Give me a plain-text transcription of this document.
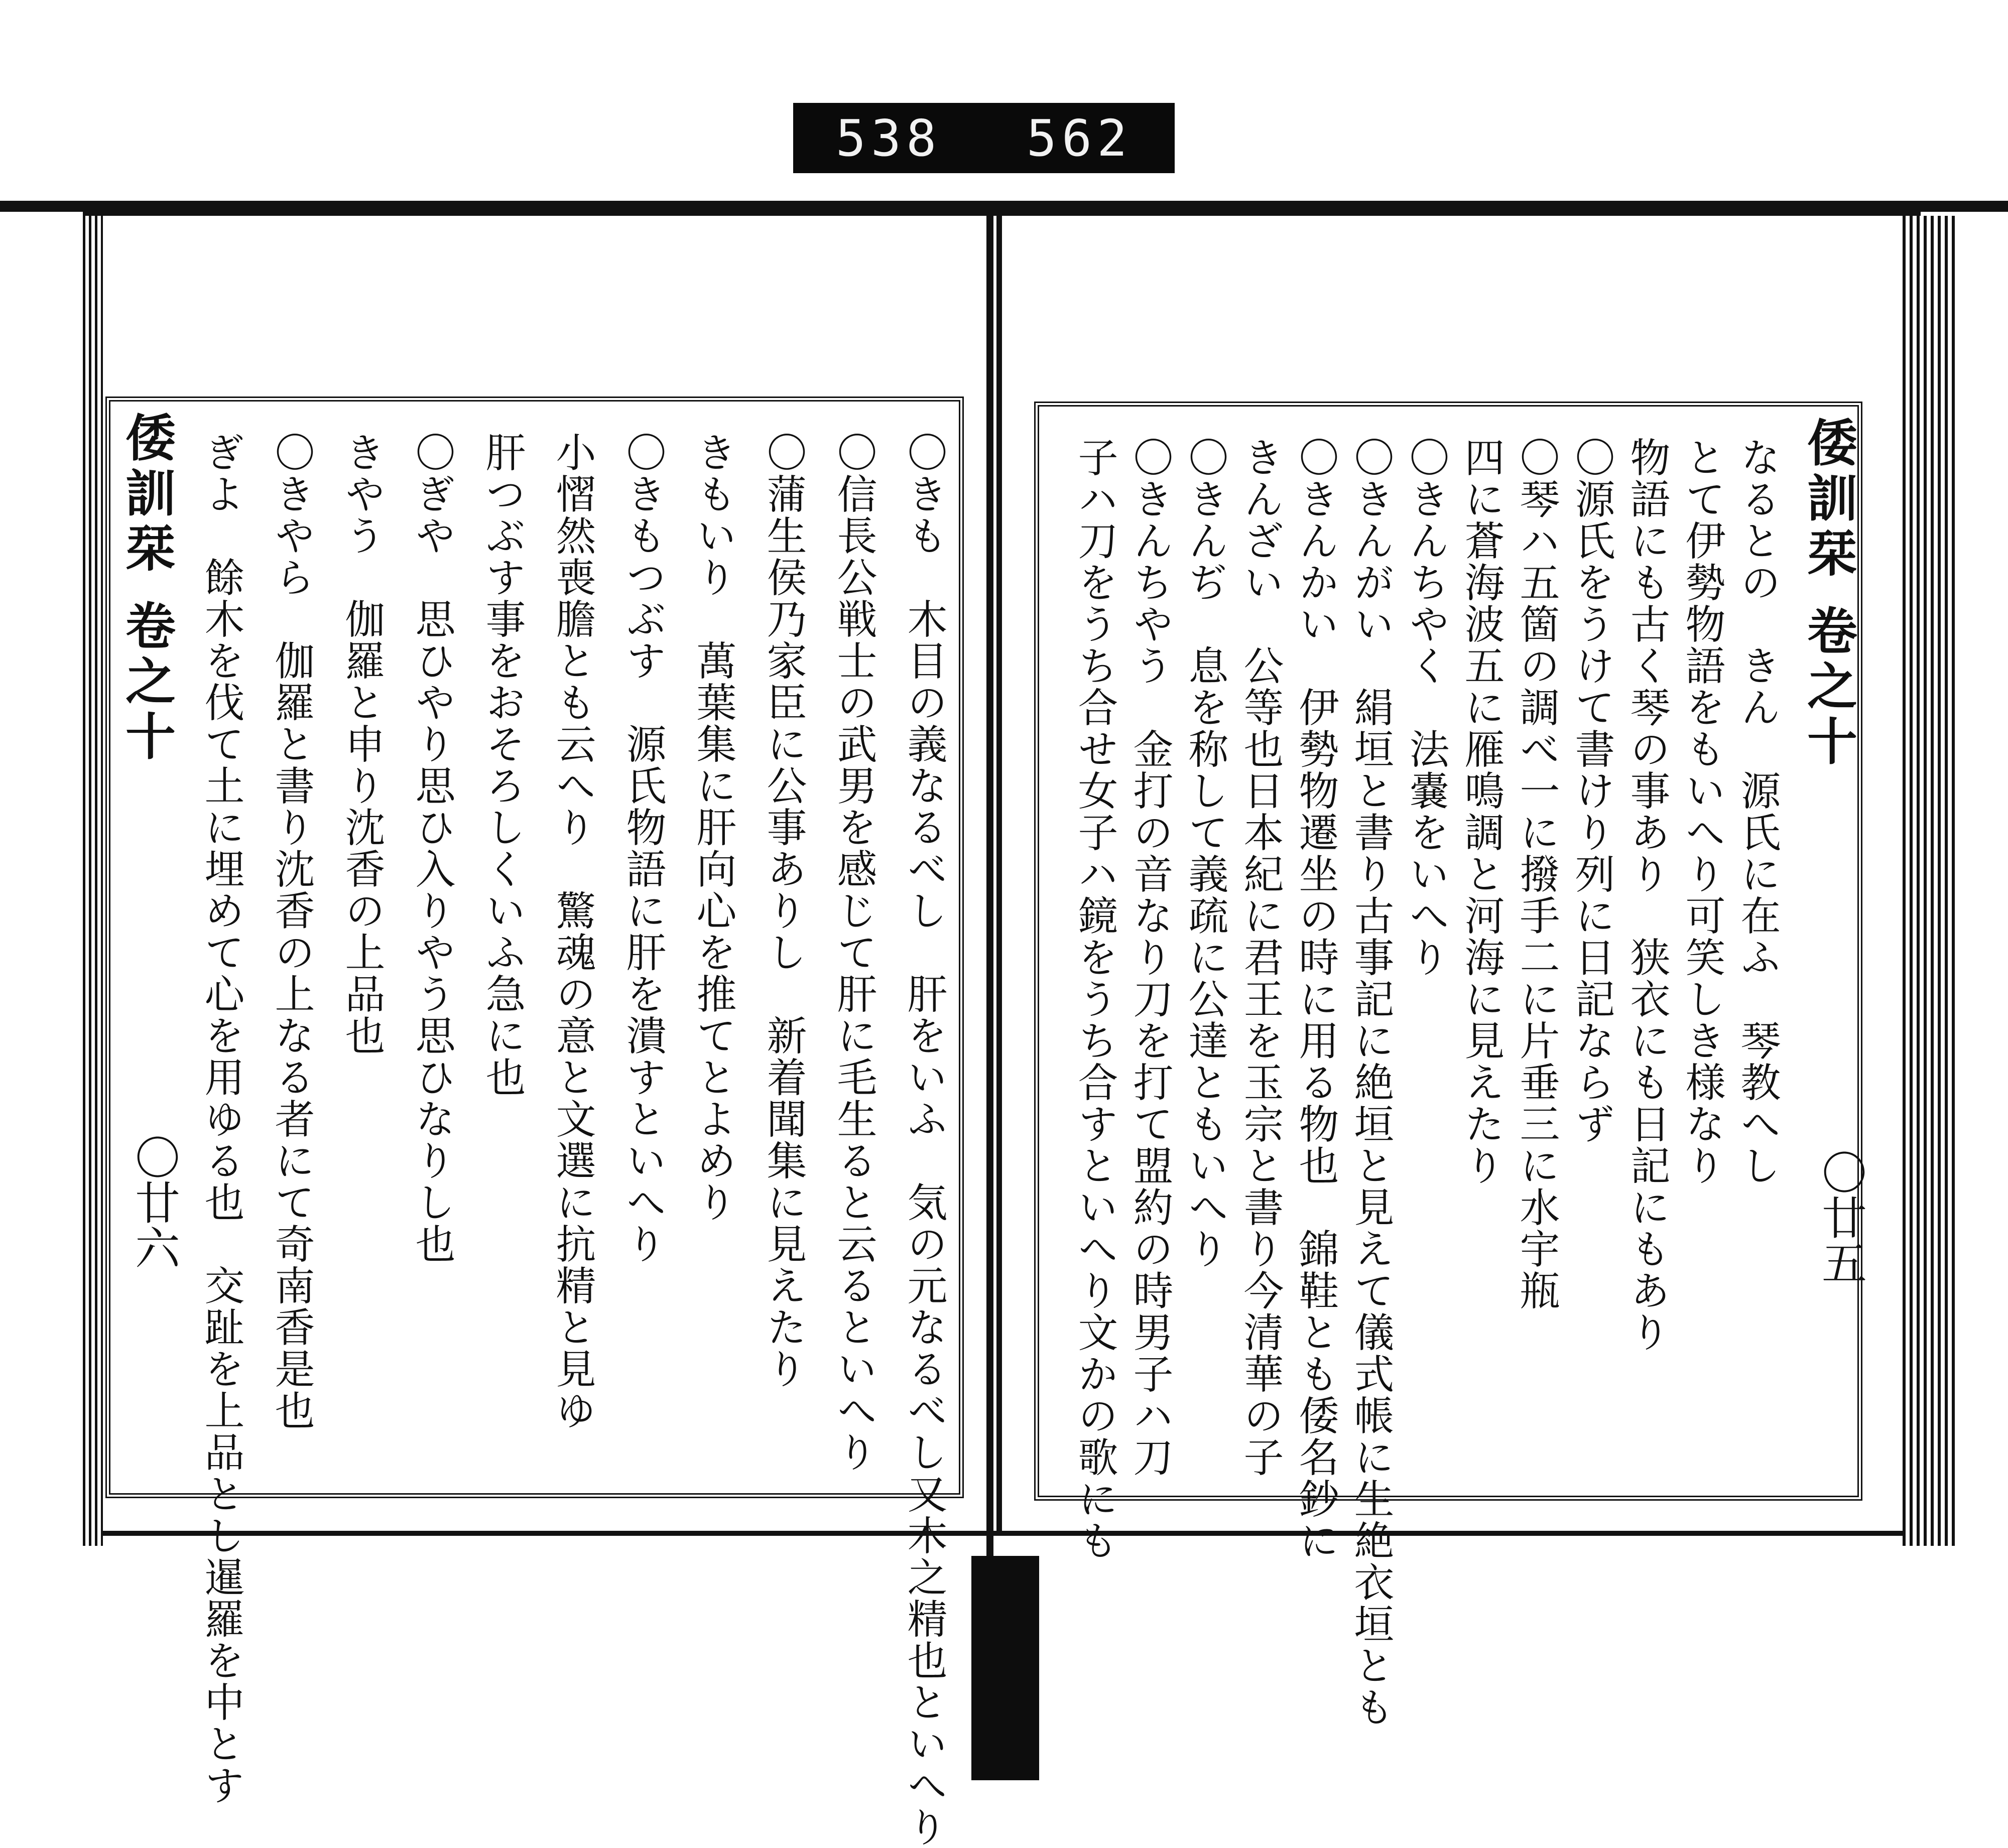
538 562
倭訓栞 卷之十
〇廿六	〇きも　木目の義なるべし　肝をいふ　気の元なるべし又木之精也といへり
〇信長公戦士の武男を感じて肝に毛生ると云るといへり
〇蒲生侯乃家臣に公事ありし　新着聞集に見えたり
きもいり　萬葉集に肝向心を推てとよめり
〇きもつぶす　源氏物語に肝を潰すといへり
小慴然喪膽とも云へり　驚魂の意と文選に抗精と見ゆ
肝つぶす事をおそろしくいふ急に也
〇ぎや　思ひやり思ひ入りやう思ひなりし也
きやう　伽羅と申り沈香の上品也
〇きやら　伽羅と書り沈香の上なる者にて奇南香是也
ぎよ　餘木を伐て土に埋めて心を用ゆる也　交趾を上品とし暹羅を中とす	倭訓栞 卷之十
〇廿五
なるとの　きん　源氏に在ふ　琴教へし
とて伊勢物語をもいへり可笑しき様なり
物語にも古く琴の事あり　狭衣にも日記にもあり
〇源氏をうけて書けり列に日記ならず
〇琴ハ五箇の調べ一に撥手二に片垂三に水宇瓶
四に蒼海波五に雁鳴調と河海に見えたり
〇きんちやく　法嚢をいへり
〇きんがい　絹垣と書り古事記に絶垣と見えて儀式帳に生絶衣垣とも
〇きんかい　伊勢物遷坐の時に用る物也　錦鞋とも倭名鈔に
きんざい　公等也日本紀に君王を玉宗と書り今清華の子
〇きんぢ　息を称して義疏に公達ともいへり
〇きんちやう　金打の音なり刀を打て盟約の時男子ハ刀
子ハ刀をうち合せ女子ハ鏡をうち合すといへり文かの歌にも
